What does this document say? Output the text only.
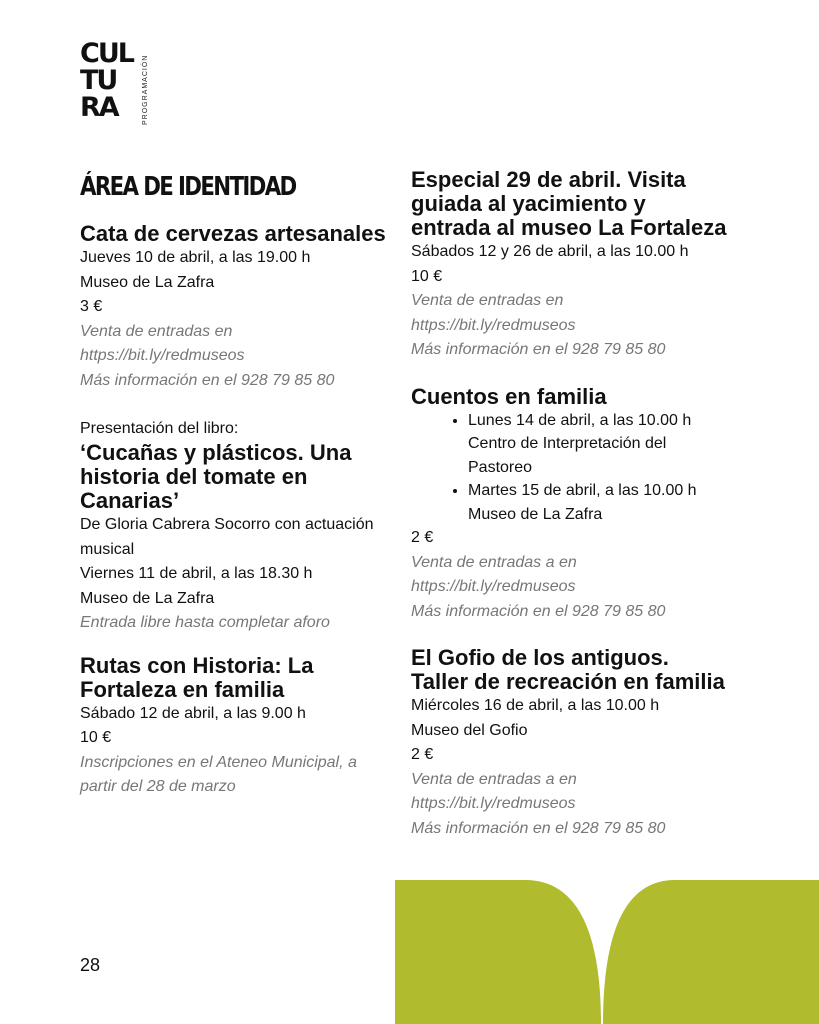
CUL
TU
RA	PROGRAMACIÓN
ÁREA DE IDENTIDAD
Cata de cervezas artesanales
Jueves 10 de abril, a las 19.00 h
Museo de La Zafra
3 €
Venta de entradas en https://bit.ly/redmuseos
Más información en el 928 79 85 80
Presentación del libro:
‘Cucañas y plásticos. Una historia del tomate en Canarias’
De Gloria Cabrera Socorro con actuación musical
Viernes 11 de abril, a las 18.30 h
Museo de La Zafra
Entrada libre hasta completar aforo
Rutas con Historia: La Fortaleza en familia
Sábado 12 de abril, a las 9.00 h
10 €
Inscripciones en el Ateneo Municipal, a partir del 28 de marzo
Especial 29 de abril. Visita guiada al yacimiento y entrada al museo La Fortaleza
Sábados 12 y 26 de abril, a las 10.00 h
10 €
Venta de entradas en https://bit.ly/redmuseos
Más información en el 928 79 85 80
Cuentos en familia
• Lunes 14 de abril, a las 10.00 h
Centro de Interpretación del Pastoreo
• Martes 15 de abril, a las 10.00 h
Museo de La Zafra
2 €
Venta de entradas a en https://bit.ly/redmuseos
Más información en el 928 79 85 80
El Gofio de los antiguos. Taller de recreación en familia
Miércoles 16 de abril, a las 10.00 h
Museo del Gofio
2 €
Venta de entradas a en https://bit.ly/redmuseos
Más información en el 928 79 85 80
28
